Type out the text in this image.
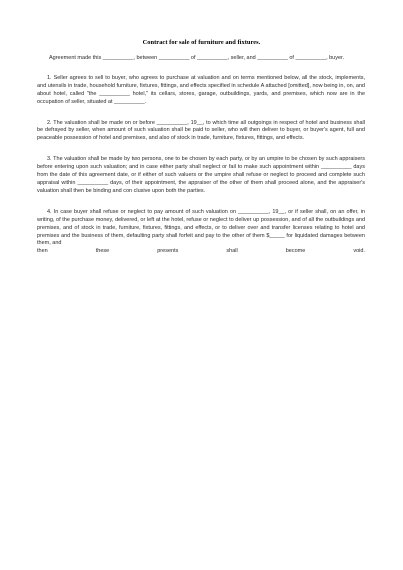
Contract for sale of furniture and fixtures.

Agreement made this __________, between __________ of __________, seller, and __________ of __________, buyer.

1. Seller agrees to sell to buyer, who agrees to purchase at valuation and on terms mentioned below, all the stock, implements, and utensils in trade, household furniture, fixtures, fittings, and effects specified in schedule A attached [omitted], now being in, on, and about hotel, called "the __________ hotel," its cellars, stores, garage, outbuildings, yards, and premises, which now are in the occupation of seller, situated at __________.

2. The valuation shall be made on or before __________, 19__, to which time all outgoings in respect of hotel and business shall be defrayed by seller, when amount of such valuation shall be paid to seller, who will then deliver to buyer, or buyer's agent, full and peaceable possession of hotel and premises, and also of stock in trade, furniture, fixtures, fittings, and effects.

3. The valuation shall be made by two persons, one to be chosen by each party, or by an umpire to be chosen by such appraisers before entering upon such valuation; and in case either party shall neglect or fail to make such appointment within __________ days from the date of this agreement date, or if either of such valuers or the umpire shall refuse or neglect to proceed and complete such appraisal within __________ days, of their appointment, the appraiser of the other of them shall proceed alone, and the appraiser's valuation shall then be binding and con clusive upon both the parties.

4. In case buyer shall refuse or neglect to pay amount of such valuation on __________, 19__, or if seller shall, on an offer, in writing, of the purchase money, delivered, or left at the hotel, refuse or neglect to deliver up possession, and of all the outbuildings and premises, and of stock in trade, furniture, fixtures, fittings, and effects, or to deliver over and transfer licenses relating to hotel and premises and the business of them, defaulting party shall forfeit and pay to the other of them $_____ for liquidated damages between them, and

then	these	presents	shall	become	void.
